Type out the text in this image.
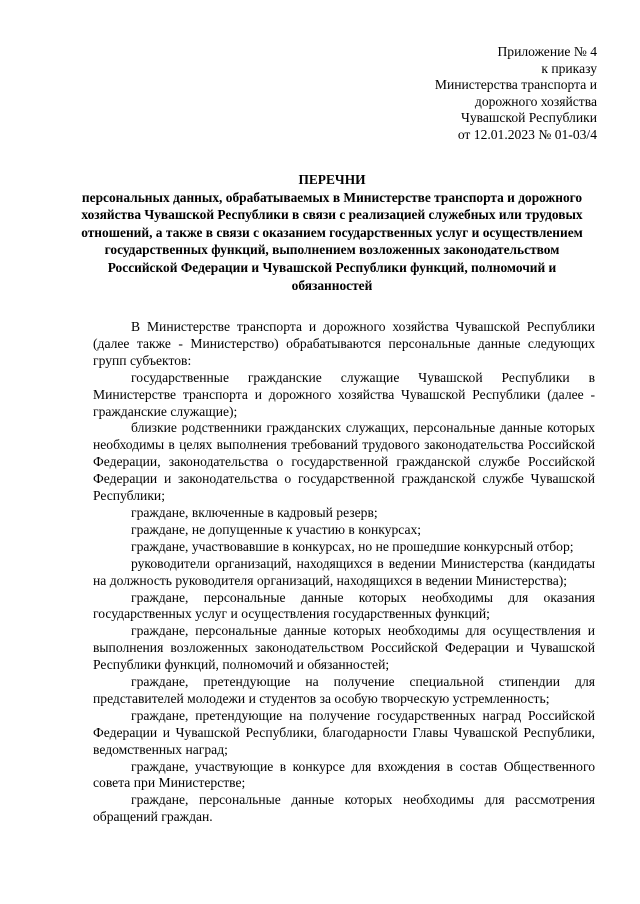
Приложение № 4
к приказу
Министерства транспорта и
дорожного хозяйства
Чувашской Республики
от 12.01.2023 № 01-03/4
ПЕРЕЧНИ
персональных данных, обрабатываемых в Министерстве транспорта и дорожного хозяйства Чувашской Республики в связи с реализацией служебных или трудовых отношений, а также в связи с оказанием государственных услуг и осуществлением государственных функций, выполнением возложенных законодательством Российской Федерации и Чувашской Республики функций, полномочий и обязанностей

В Министерстве транспорта и дорожного хозяйства Чувашской Республики (далее также - Министерство) обрабатываются персональные данные следующих групп субъектов:

государственные гражданские служащие Чувашской Республики в Министерстве транспорта и дорожного хозяйства Чувашской Республики (далее - гражданские служащие);

близкие родственники гражданских служащих, персональные данные которых необходимы в целях выполнения требований трудового законодательства Российской Федерации, законодательства о государственной гражданской службе Российской Федерации и законодательства о государственной гражданской службе Чувашской Республики;

граждане, включенные в кадровый резерв;

граждане, не допущенные к участию в конкурсах;

граждане, участвовавшие в конкурсах, но не прошедшие конкурсный отбор;

руководители организаций, находящихся в ведении Министерства (кандидаты на должность руководителя организаций, находящихся в ведении Министерства);

граждане, персональные данные которых необходимы для оказания государственных услуг и осуществления государственных функций;

граждане, персональные данные которых необходимы для осуществления и выполнения возложенных законодательством Российской Федерации и Чувашской Республики функций, полномочий и обязанностей;

граждане, претендующие на получение специальной стипендии для представителей молодежи и студентов за особую творческую устремленность;

граждане, претендующие на получение государственных наград Российской Федерации и Чувашской Республики, благодарности Главы Чувашской Республики, ведомственных наград;

граждане, участвующие в конкурсе для вхождения в состав Общественного совета при Министерстве;

граждане, персональные данные которых необходимы для рассмотрения обращений граждан.
